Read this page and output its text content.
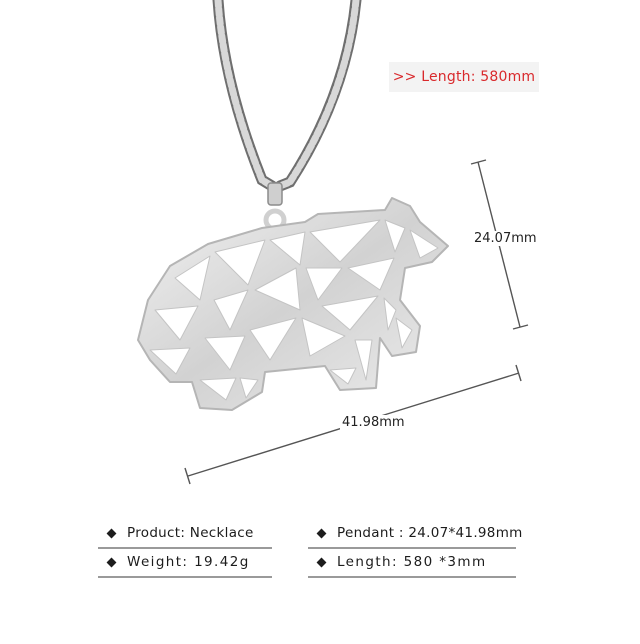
>> Length: 580mm
24.07mm
41.98mm
Product: Necklace	Pendant : 24.07*41.98mm
Weight: 19.42g	Length: 580 *3mm
